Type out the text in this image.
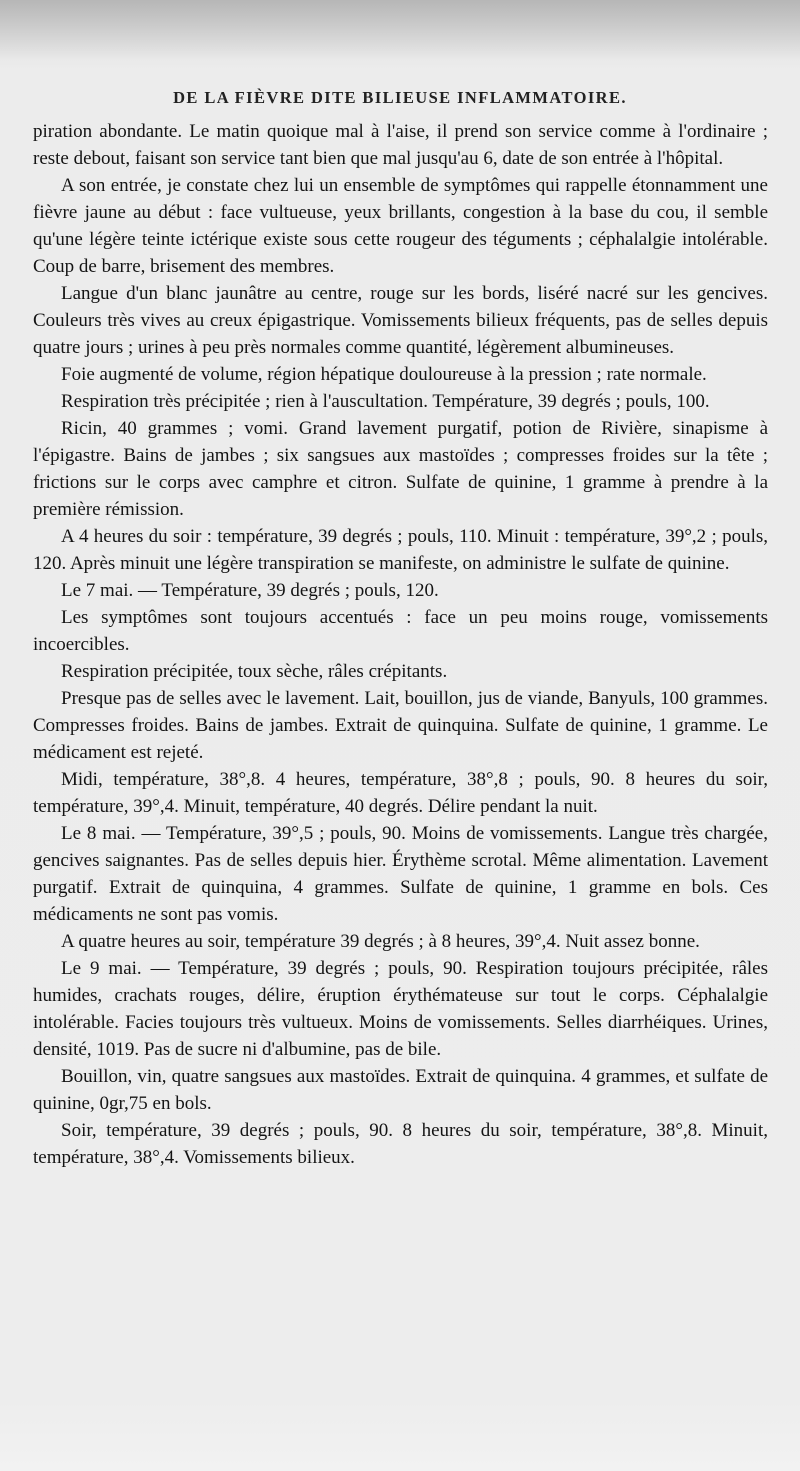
DE LA FIÈVRE DITE BILIEUSE INFLAMMATOIRE.

piration abondante. Le matin quoique mal à l'aise, il prend son service comme à l'ordinaire ; reste debout, faisant son service tant bien que mal jusqu'au 6, date de son entrée à l'hôpital.

A son entrée, je constate chez lui un ensemble de symptômes qui rappelle étonnamment une fièvre jaune au début : face vultueuse, yeux brillants, congestion à la base du cou, il semble qu'une légère teinte ictérique existe sous cette rougeur des téguments ; céphalalgie intolérable. Coup de barre, brisement des membres.

Langue d'un blanc jaunâtre au centre, rouge sur les bords, liséré nacré sur les gencives. Couleurs très vives au creux épigastrique. Vomissements bilieux fréquents, pas de selles depuis quatre jours ; urines à peu près normales comme quantité, légèrement albumineuses.

Foie augmenté de volume, région hépatique douloureuse à la pression ; rate normale.

Respiration très précipitée ; rien à l'auscultation. Température, 39 degrés ; pouls, 100.

Ricin, 40 grammes ; vomi. Grand lavement purgatif, potion de Rivière, sinapisme à l'épigastre. Bains de jambes ; six sangsues aux mastoïdes ; compresses froides sur la tête ; frictions sur le corps avec camphre et citron. Sulfate de quinine, 1 gramme à prendre à la première rémission.

A 4 heures du soir : température, 39 degrés ; pouls, 110. Minuit : température, 39°,2 ; pouls, 120. Après minuit une légère transpiration se manifeste, on administre le sulfate de quinine.

Le 7 mai. — Température, 39 degrés ; pouls, 120.

Les symptômes sont toujours accentués : face un peu moins rouge, vomissements incoercibles.

Respiration précipitée, toux sèche, râles crépitants.

Presque pas de selles avec le lavement. Lait, bouillon, jus de viande, Banyuls, 100 grammes. Compresses froides. Bains de jambes. Extrait de quinquina. Sulfate de quinine, 1 gramme. Le médicament est rejeté.

Midi, température, 38°,8. 4 heures, température, 38°,8 ; pouls, 90. 8 heures du soir, température, 39°,4. Minuit, température, 40 degrés. Délire pendant la nuit.

Le 8 mai. — Température, 39°,5 ; pouls, 90. Moins de vomissements. Langue très chargée, gencives saignantes. Pas de selles depuis hier. Érythème scrotal. Même alimentation. Lavement purgatif. Extrait de quinquina, 4 grammes. Sulfate de quinine, 1 gramme en bols. Ces médicaments ne sont pas vomis.

A quatre heures au soir, température 39 degrés ; à 8 heures, 39°,4. Nuit assez bonne.

Le 9 mai. — Température, 39 degrés ; pouls, 90. Respiration toujours précipitée, râles humides, crachats rouges, délire, éruption érythémateuse sur tout le corps. Céphalalgie intolérable. Facies toujours très vultueux. Moins de vomissements. Selles diarrhéiques. Urines, densité, 1019. Pas de sucre ni d'albumine, pas de bile.

Bouillon, vin, quatre sangsues aux mastoïdes. Extrait de quinquina. 4 grammes, et sulfate de quinine, 0gr,75 en bols.

Soir, température, 39 degrés ; pouls, 90. 8 heures du soir, température, 38°,8. Minuit, température, 38°,4. Vomissements bilieux.
